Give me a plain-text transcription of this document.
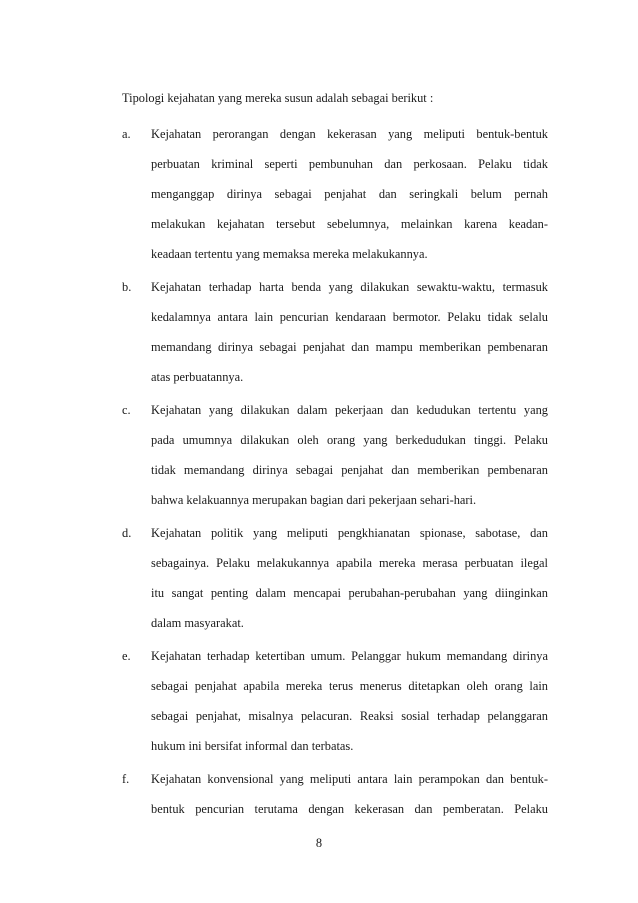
Tipologi kejahatan yang mereka susun adalah sebagai berikut :
a. Kejahatan perorangan dengan kekerasan yang meliputi bentuk-bentuk
perbuatan kriminal seperti pembunuhan dan perkosaan. Pelaku tidak
menganggap dirinya sebagai penjahat dan seringkali belum pernah
melakukan kejahatan tersebut sebelumnya, melainkan karena keadan-
keadaan tertentu yang memaksa mereka melakukannya.
b. Kejahatan terhadap harta benda yang dilakukan sewaktu-waktu, termasuk
kedalamnya antara lain pencurian kendaraan bermotor. Pelaku tidak selalu
memandang dirinya sebagai penjahat dan mampu memberikan pembenaran
atas perbuatannya.
c. Kejahatan yang dilakukan dalam pekerjaan dan kedudukan tertentu yang
pada umumnya dilakukan oleh orang yang berkedudukan tinggi. Pelaku
tidak memandang dirinya sebagai penjahat dan memberikan pembenaran
bahwa kelakuannya merupakan bagian dari pekerjaan sehari-hari.
d. Kejahatan politik yang meliputi pengkhianatan spionase, sabotase, dan
sebagainya. Pelaku melakukannya apabila mereka merasa perbuatan ilegal
itu sangat penting dalam mencapai perubahan-perubahan yang diinginkan
dalam masyarakat.
e. Kejahatan terhadap ketertiban umum. Pelanggar hukum memandang dirinya
sebagai penjahat apabila mereka terus menerus ditetapkan oleh orang lain
sebagai penjahat, misalnya pelacuran. Reaksi sosial terhadap pelanggaran
hukum ini bersifat informal dan terbatas.
f. Kejahatan konvensional yang meliputi antara lain perampokan dan bentuk-
bentuk pencurian terutama dengan kekerasan dan pemberatan. Pelaku
8
